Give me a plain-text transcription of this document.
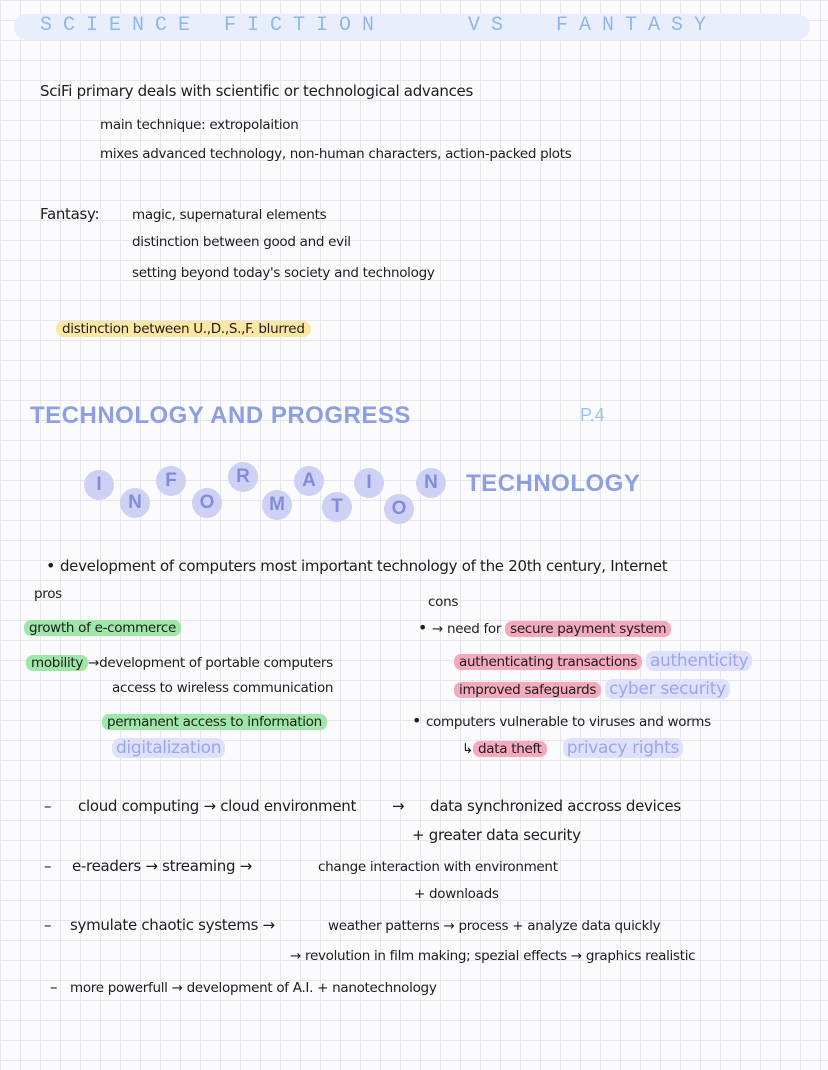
SCIENCE FICTION	VS FANTASY
SciFi primary deals with scientific or technological advances
main technique: extropolaition
mixes advanced technology, non-human characters, action-packed plots
Fantasy: magic, supernatural elements
distinction between good and evil
setting beyond today's society and technology
distinction between U.,D.,S.,F. blurred
TECHNOLOGY AND PROGRESS	P.4
I
N
F
O
R
M
A
T
I
O
N	TECHNOLOGY
• development of computers most important technology of the 20th century, Internet
pros
growth of e-commerce
mobility →development of portable computers
access to wireless communication
permanent access to information
digitalization
cons
• → need for secure payment system
authenticating transactions authenticity
improved safeguards cyber security
• computers vulnerable to viruses and worms
↳ data theft privacy rights
– cloud computing → cloud environment → data synchronized accross devices
+ greater data security
– e-readers → streaming →	change interaction with environment
+ downloads
– symulate chaotic systems →	weather patterns → process + analyze data quickly
→ revolution in film making; spezial effects → graphics realistic
– more powerfull → development of A.I. + nanotechnology
